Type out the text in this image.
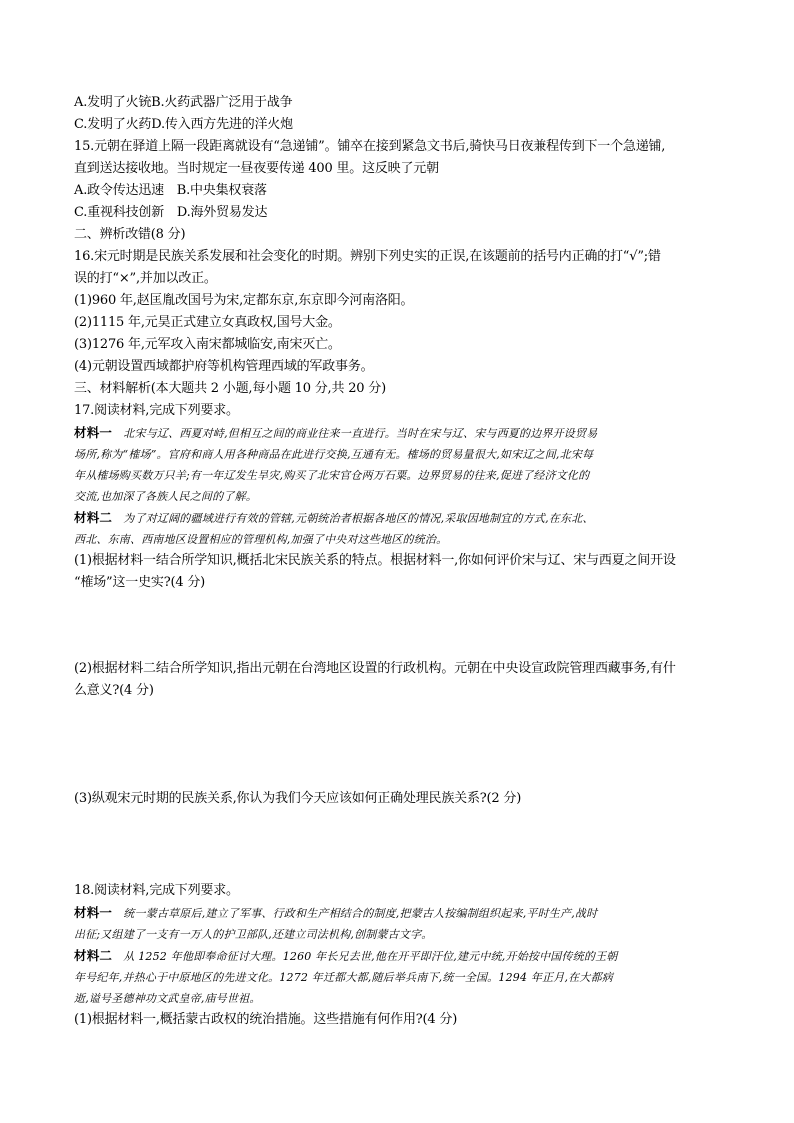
A.发明了火铳B.火药武器广泛用于战争
C.发明了火药D.传入西方先进的洋火炮
15.元朝在驿道上隔一段距离就设有“急递铺”。铺卒在接到紧急文书后,骑快马日夜兼程传到下一个急递铺,
直到送达接收地。当时规定一昼夜要传递 400 里。这反映了元朝
A.政令传达迅速　B.中央集权衰落
C.重视科技创新　D.海外贸易发达
二、辨析改错(8 分)
16.宋元时期是民族关系发展和社会变化的时期。辨别下列史实的正误,在该题前的括号内正确的打“√”;错
误的打“×”,并加以改正。
(1)960 年,赵匡胤改国号为宋,定都东京,东京即今河南洛阳。
(2)1115 年,元昊正式建立女真政权,国号大金。
(3)1276 年,元军攻入南宋都城临安,南宋灭亡。
(4)元朝设置西域都护府等机构管理西域的军政事务。
三、材料解析(本大题共 2 小题,每小题 10 分,共 20 分)
17.阅读材料,完成下列要求。
材料一　北宋与辽、西夏对峙,但相互之间的商业往来一直进行。当时在宋与辽、宋与西夏的边界开设贸易
场所,称为“榷场”。官府和商人用各种商品在此进行交换,互通有无。榷场的贸易量很大,如宋辽之间,北宋每
年从榷场购买数万只羊;有一年辽发生旱灾,购买了北宋官仓两万石粟。边界贸易的往来,促进了经济文化的
交流,也加深了各族人民之间的了解。
材料二　为了对辽阔的疆域进行有效的管辖,元朝统治者根据各地区的情况,采取因地制宜的方式,在东北、
西北、东南、西南地区设置相应的管理机构,加强了中央对这些地区的统治。
(1)根据材料一结合所学知识,概括北宋民族关系的特点。根据材料一,你如何评价宋与辽、宋与西夏之间开设
“榷场”这一史实?(4 分)
(2)根据材料二结合所学知识,指出元朝在台湾地区设置的行政机构。元朝在中央设宣政院管理西藏事务,有什
么意义?(4 分)
(3)纵观宋元时期的民族关系,你认为我们今天应该如何正确处理民族关系?(2 分)
18.阅读材料,完成下列要求。
材料一　统一蒙古草原后,建立了军事、行政和生产相结合的制度,把蒙古人按编制组织起来,平时生产,战时
出征;又组建了一支有一万人的护卫部队,还建立司法机构,创制蒙古文字。
材料二　从 1252 年他即奉命征讨大理。1260 年长兄去世,他在开平即汗位,建元中统,开始按中国传统的王朝
年号纪年,并热心于中原地区的先进文化。1272 年迁都大都,随后举兵南下,统一全国。1294 年正月,在大都病
逝,谥号圣德神功文武皇帝,庙号世祖。
(1)根据材料一,概括蒙古政权的统治措施。这些措施有何作用?(4 分)
